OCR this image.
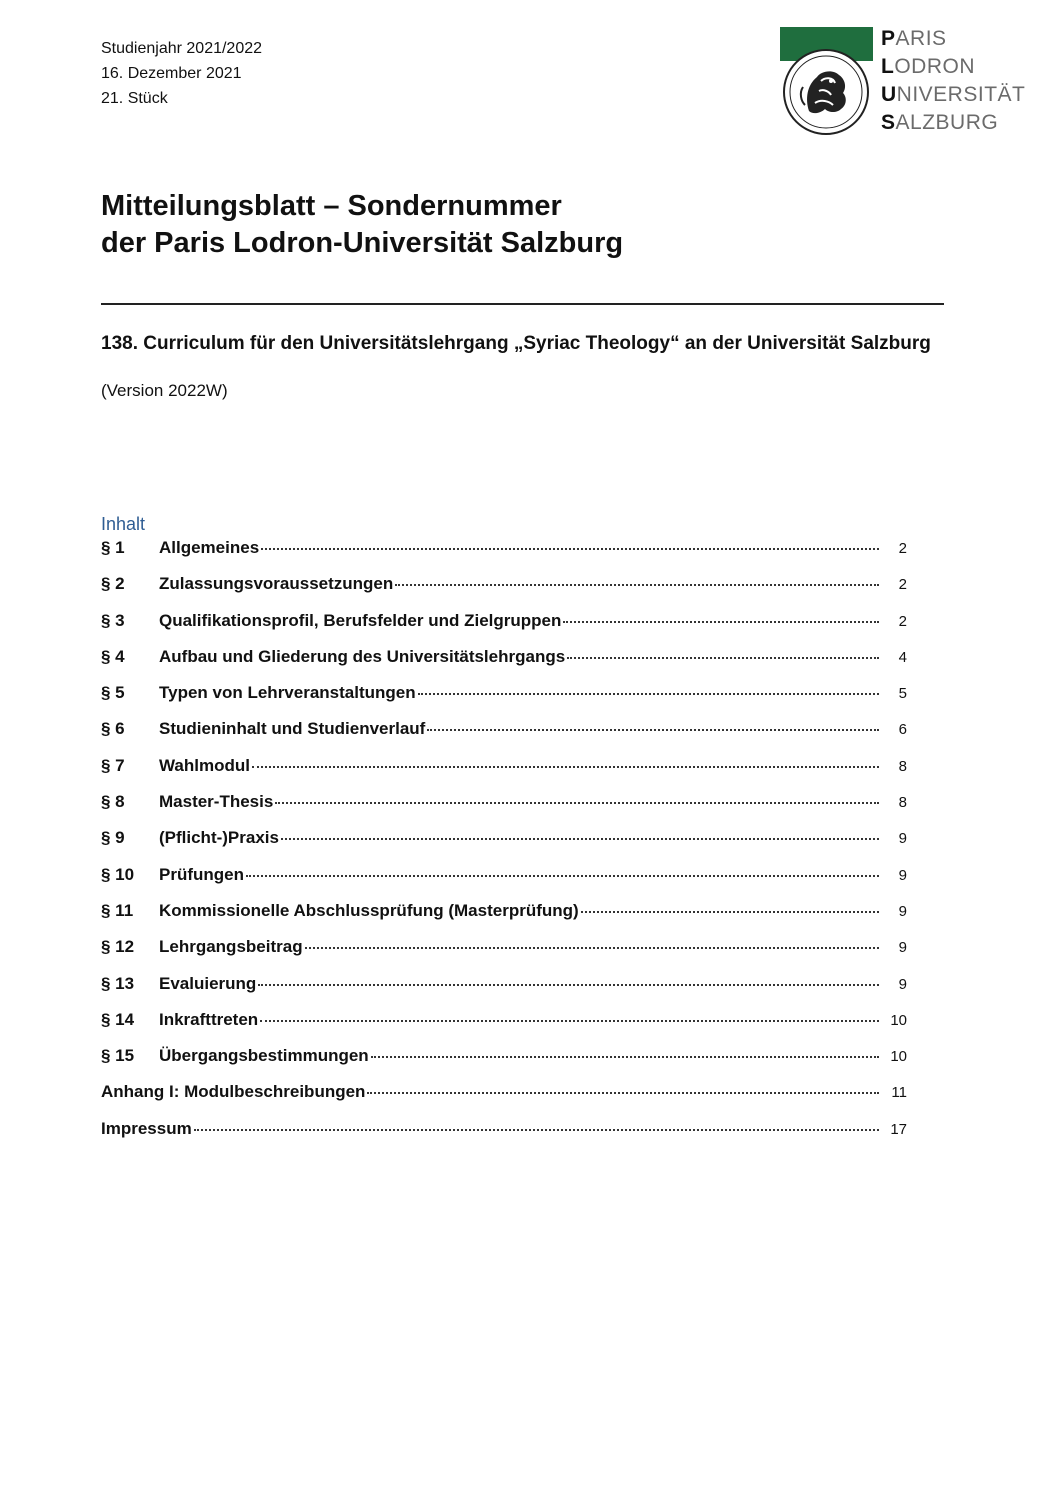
Studienjahr 2021/2022
16. Dezember 2021
21. Stück
PARIS
LODRON
UNIVERSITÄT
SALZBURG
Mitteilungsblatt – Sondernummer
der Paris Lodron-Universität Salzburg
138. Curriculum für den Universitätslehrgang „Syriac Theology“ an der Universität Salzburg
(Version 2022W)
Inhalt
§ 1	Allgemeines	2
§ 2	Zulassungsvoraussetzungen	2
§ 3	Qualifikationsprofil, Berufsfelder und Zielgruppen	2
§ 4	Aufbau und Gliederung des Universitätslehrgangs	4
§ 5	Typen von Lehrveranstaltungen	5
§ 6	Studieninhalt und Studienverlauf	6
§ 7	Wahlmodul	8
§ 8	Master-Thesis	8
§ 9	(Pflicht-)Praxis	9
§ 10	Prüfungen	9
§ 11	Kommissionelle Abschlussprüfung (Masterprüfung)	9
§ 12	Lehrgangsbeitrag	9
§ 13	Evaluierung	9
§ 14	Inkrafttreten	10
§ 15	Übergangsbestimmungen	10
Anhang I: Modulbeschreibungen	11
Impressum	17
